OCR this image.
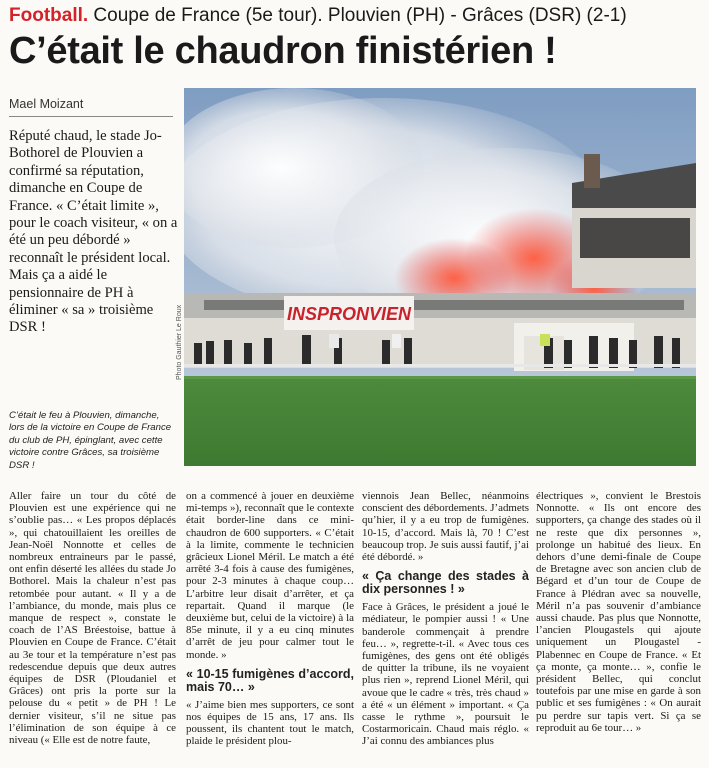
Football. Coupe de France (5e tour). Plouvien (PH) - Grâces (DSR) (2-1)
C’était le chaudron finistérien !
Mael Moizant
Réputé chaud, le stade Jo-Bothorel de Plouvien a confirmé sa réputation, dimanche en Coupe de France. « C’était limite », pour le coach visiteur, « on a été un peu débordé » reconnaît le président local. Mais ça a aidé le pensionnaire de PH à éliminer « sa » troisième DSR !
INSPRONVIEN
Photo Gauthier Le Roux
C’était le feu à Plouvien, dimanche, lors de la victoire en Coupe de France du club de PH, épinglant, avec cette victoire contre Grâces, sa troisième DSR !

Aller faire un tour du côté de Plouvien est une expérience qui ne s’oublie pas… « Les propos déplacés », qui chatouillaient les oreilles de Jean-Noël Nonnotte et celles de nombreux entraineurs par le passé, ont enfin déserté les allées du stade Jo Bothorel. Mais la chaleur n’est pas retombée pour autant. « Il y a de l’ambiance, du monde, mais plus ce manque de respect », constate le coach de l’AS Bréestoise, battue à Plouvien en Coupe de France. C’était au 3e tour et la température n’est pas redescendue depuis que deux autres équipes de DSR (Ploudaniel et Grâces) ont pris la porte sur la pelouse du « petit » de PH ! Le dernier visiteur, s’il ne situe pas l’élimination de son équipe à ce niveau (« Elle est de notre faute,

on a commencé à jouer en deuxième mi-temps »), reconnaît que le contexte était border-line dans ce mini-chaudron de 600 supporters. « C’était à la limite, commente le technicien grâcieux Lionel Méril. Le match a été arrêté 3-4 fois à cause des fumigènes, pour 2-3 minutes à chaque coup… L’arbitre leur disait d’arrêter, et ça repartait. Quand il marque (le deuxième but, celui de la victoire) à la 85e minute, il y a eu cinq minutes d’arrêt de jeu pour calmer tout le monde. »

« 10-15 fumigènes d’accord, mais 70… »

« J’aime bien mes supporters, ce sont nos équipes de 15 ans, 17 ans. Ils poussent, ils chantent tout le match, plaide le président plou-

viennois Jean Bellec, néanmoins conscient des débordements. J’admets qu’hier, il y a eu trop de fumigènes. 10-15, d’accord. Mais là, 70 ! C’est beaucoup trop. Je suis aussi fautif, j’ai été débordé. »

« Ça change des stades à dix personnes ! »

Face à Grâces, le président a joué le médiateur, le pompier aussi ! « Une banderole commençait à prendre feu… », regrette-t-il. « Avec tous ces fumigènes, des gens ont été obligés de quitter la tribune, ils ne voyaient plus rien », reprend Lionel Méril, qui avoue que le cadre « très, très chaud » a été « un élément » important. « Ça casse le rythme », poursuit le Costarmoricain. Chaud mais réglo. « J’ai connu des ambiances plus

électriques », convient le Brestois Nonnotte. « Ils ont encore des supporters, ça change des stades où il ne reste que dix personnes », prolonge un habitué des lieux. En dehors d’une demi-finale de Coupe de Bretagne avec son ancien club de Bégard et d’un tour de Coupe de France à Plédran avec sa nouvelle, Méril n’a pas souvenir d’ambiance aussi chaude. Pas plus que Nonnotte, l’ancien Plougastels qui ajoute uniquement un Plougastel - Plabennec en Coupe de France. « Et ça monte, ça monte… », confie le président Bellec, qui conclut toutefois par une mise en garde à son public et ses fumigènes : « On aurait pu perdre sur tapis vert. Si ça se reproduit au 6e tour… »
